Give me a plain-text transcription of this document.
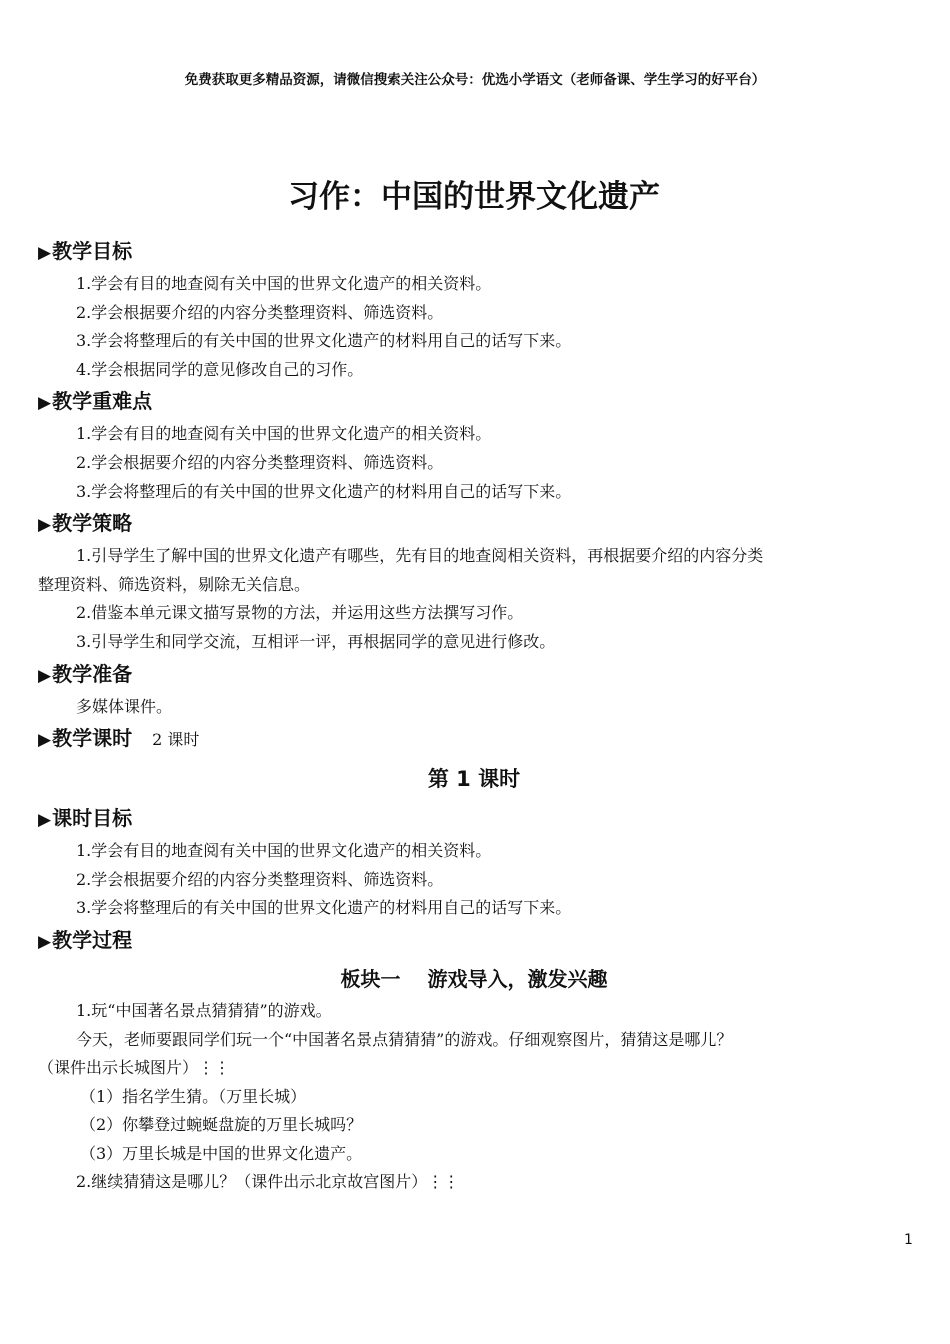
免费获取更多精品资源，请微信搜索关注公众号：优选小学语文（老师备课、学生学习的好平台）
习作：中国的世界文化遗产
▶教学目标
1.学会有目的地查阅有关中国的世界文化遗产的相关资料。
2.学会根据要介绍的内容分类整理资料、筛选资料。
3.学会将整理后的有关中国的世界文化遗产的材料用自己的话写下来。
4.学会根据同学的意见修改自己的习作。
▶教学重难点
1.学会有目的地查阅有关中国的世界文化遗产的相关资料。
2.学会根据要介绍的内容分类整理资料、筛选资料。
3.学会将整理后的有关中国的世界文化遗产的材料用自己的话写下来。
▶教学策略
1.引导学生了解中国的世界文化遗产有哪些，先有目的地查阅相关资料，再根据要介绍的内容分类
整理资料、筛选资料，剔除无关信息。
2.借鉴本单元课文描写景物的方法，并运用这些方法撰写习作。
3.引导学生和同学交流，互相评一评，再根据同学的意见进行修改。
▶教学准备
多媒体课件。
▶教学课时 2 课时
第 1 课时
▶课时目标
1.学会有目的地查阅有关中国的世界文化遗产的相关资料。
2.学会根据要介绍的内容分类整理资料、筛选资料。
3.学会将整理后的有关中国的世界文化遗产的材料用自己的话写下来。
▶教学过程
板块一　 游戏导入，激发兴趣
1.玩“中国著名景点猜猜猜”的游戏。
今天，老师要跟同学们玩一个“中国著名景点猜猜猜”的游戏。仔细观察图片，猜猜这是哪儿？
（课件出示长城图片）⋮⋮
（1）指名学生猜。（万里长城）
（2）你攀登过蜿蜒盘旋的万里长城吗？
（3）万里长城是中国的世界文化遗产。
2.继续猜猜这是哪儿？（课件出示北京故宫图片）⋮⋮
1
